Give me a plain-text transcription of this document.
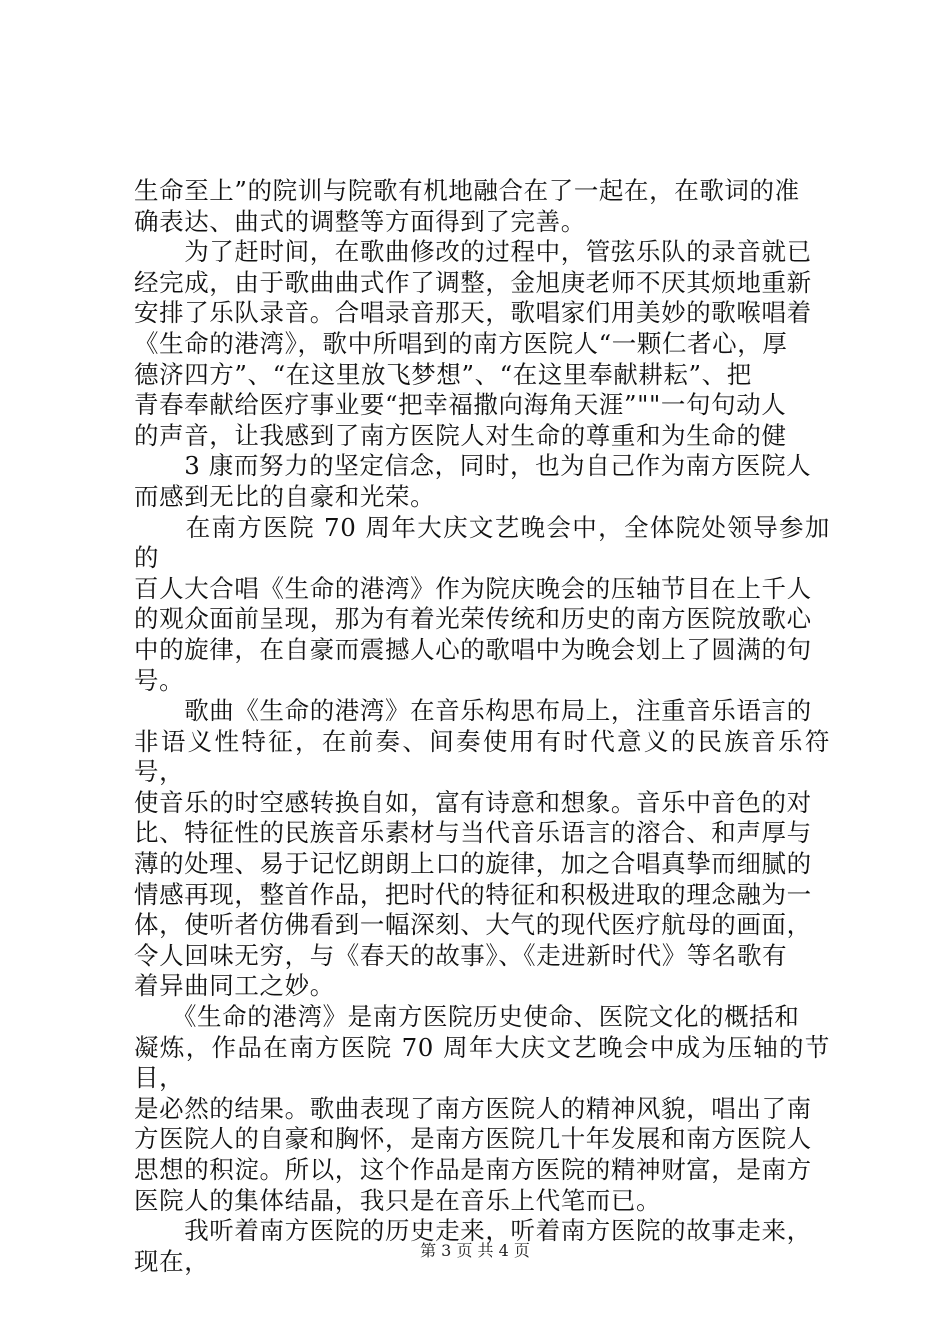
生命至上”的院训与院歌有机地融合在了一起在，在歌词的准
确表达、曲式的调整等方面得到了完善。

　　为了赶时间，在歌曲修改的过程中，管弦乐队的录音就已
经完成，由于歌曲曲式作了调整，金旭庚老师不厌其烦地重新
安排了乐队录音。合唱录音那天，歌唱家们用美妙的歌喉唱着
《生命的港湾》，歌中所唱到的南方医院人“一颗仁者心，厚
德济四方”、“在这里放飞梦想”、“在这里奉献耕耘”、把
青春奉献给医疗事业要“把幸福撒向海角天涯”""一句句动人
的声音，让我感到了南方医院人对生命的尊重和为生命的健

　　3 康而努力的坚定信念，同时，也为自己作为南方医院人
而感到无比的自豪和光荣。

　　在南方医院 70 周年大庆文艺晚会中，全体院处领导参加的
百人大合唱《生命的港湾》作为院庆晚会的压轴节目在上千人
的观众面前呈现，那为有着光荣传统和历史的南方医院放歌心
中的旋律，在自豪而震撼人心的歌唱中为晚会划上了圆满的句
号。

　　歌曲《生命的港湾》在音乐构思布局上，注重音乐语言的
非语义性特征，在前奏、间奏使用有时代意义的民族音乐符号，
使音乐的时空感转换自如，富有诗意和想象。音乐中音色的对
比、特征性的民族音乐素材与当代音乐语言的溶合、和声厚与
薄的处理、易于记忆朗朗上口的旋律，加之合唱真挚而细腻的
情感再现，整首作品，把时代的特征和积极进取的理念融为一
体，使听者仿佛看到一幅深刻、大气的现代医疗航母的画面，
令人回味无穷，与《春天的故事》、《走进新时代》等名歌有
着异曲同工之妙。

　　《生命的港湾》是南方医院历史使命、医院文化的概括和
凝炼，作品在南方医院 70 周年大庆文艺晚会中成为压轴的节目，
是必然的结果。歌曲表现了南方医院人的精神风貌，唱出了南
方医院人的自豪和胸怀，是南方医院几十年发展和南方医院人
思想的积淀。所以，这个作品是南方医院的精神财富，是南方
医院人的集体结晶，我只是在音乐上代笔而已。

　　我听着南方医院的历史走来，听着南方医院的故事走来，
现在，	第 3 页 共 4 页
